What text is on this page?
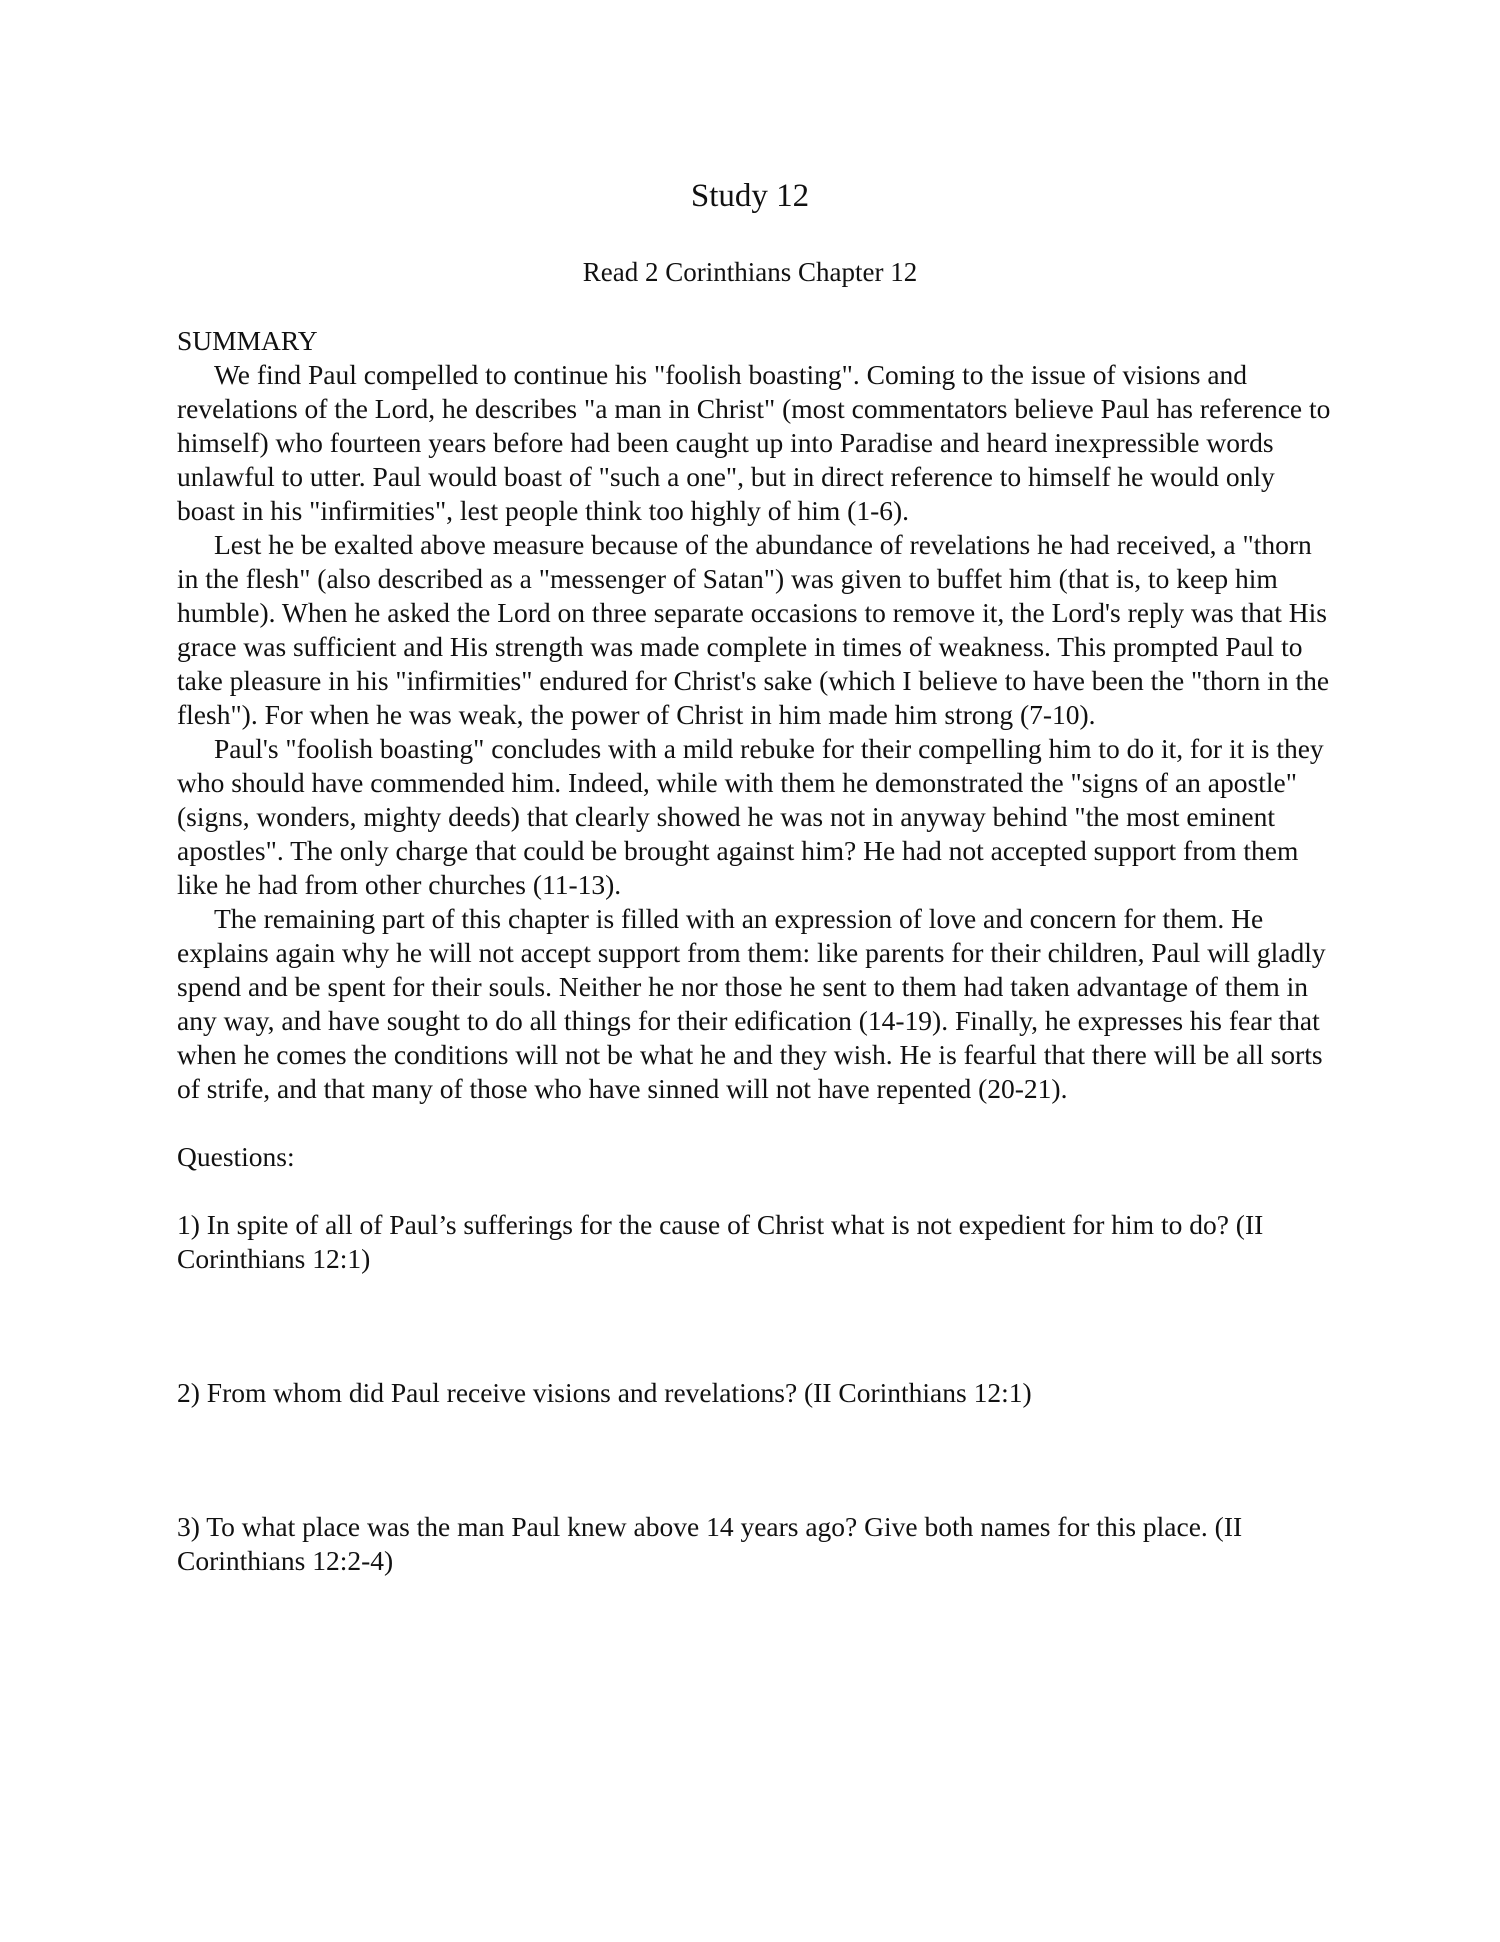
Study 12
Read 2 Corinthians Chapter 12

SUMMARY

We find Paul compelled to continue his "foolish boasting". Coming to the issue of visions and revelations of the Lord, he describes "a man in Christ" (most commentators believe Paul has reference to himself) who fourteen years before had been caught up into Paradise and heard inexpressible words unlawful to utter. Paul would boast of "such a one", but in direct reference to himself he would only boast in his "infirmities", lest people think too highly of him (1-6).

Lest he be exalted above measure because of the abundance of revelations he had received, a "thorn in the flesh" (also described as a "messenger of Satan") was given to buffet him (that is, to keep him humble). When he asked the Lord on three separate occasions to remove it, the Lord's reply was that His grace was sufficient and His strength was made complete in times of weakness. This prompted Paul to take pleasure in his "infirmities" endured for Christ's sake (which I believe to have been the "thorn in the flesh"). For when he was weak, the power of Christ in him made him strong (7-10).

Paul's "foolish boasting" concludes with a mild rebuke for their compelling him to do it, for it is they who should have commended him. Indeed, while with them he demonstrated the "signs of an apostle" (signs, wonders, mighty deeds) that clearly showed he was not in anyway behind "the most eminent apostles". The only charge that could be brought against him? He had not accepted support from them like he had from other churches (11-13).

The remaining part of this chapter is filled with an expression of love and concern for them. He explains again why he will not accept support from them: like parents for their children, Paul will gladly spend and be spent for their souls. Neither he nor those he sent to them had taken advantage of them in any way, and have sought to do all things for their edification (14-19). Finally, he expresses his fear that when he comes the conditions will not be what he and they wish. He is fearful that there will be all sorts of strife, and that many of those who have sinned will not have repented (20-21).

Questions:

1) In spite of all of Paul’s sufferings for the cause of Christ what is not expedient for him to do? (II Corinthians 12:1)

2) From whom did Paul receive visions and revelations? (II Corinthians 12:1)

3) To what place was the man Paul knew above 14 years ago? Give both names for this place. (II Corinthians 12:2-4)
